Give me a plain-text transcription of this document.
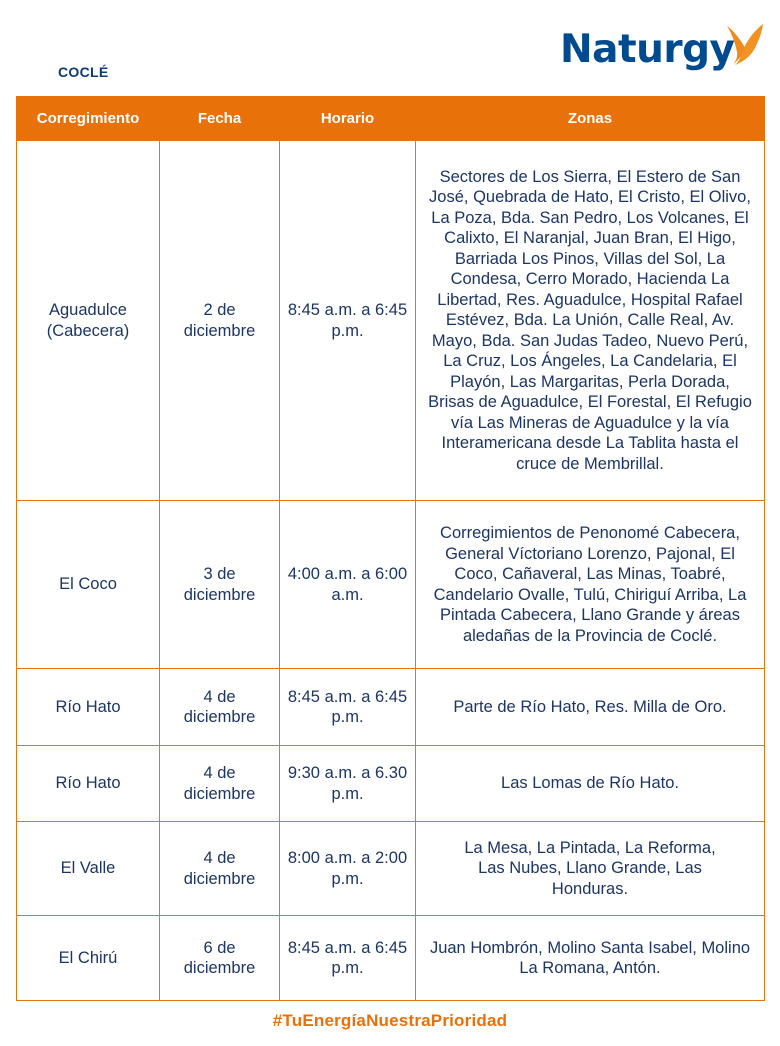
COCLÉ	Naturgy
Corregimiento	Fecha	Horario	Zonas
Aguadulce (Cabecera)	2 de diciembre	8:45 a.m. a 6:45 p.m.	Sectores de Los Sierra, El Estero de San José, Quebrada de Hato, El Cristo, El Olivo, La Poza, Bda. San Pedro, Los Volcanes, El Calixto, El Naranjal, Juan Bran, El Higo, Barriada Los Pinos, Villas del Sol, La Condesa, Cerro Morado, Hacienda La Libertad, Res. Aguadulce, Hospital Rafael Estévez, Bda. La Unión, Calle Real, Av. Mayo, Bda. San Judas Tadeo, Nuevo Perú, La Cruz, Los Ángeles, La Candelaria, El Playón, Las Margaritas, Perla Dorada, Brisas de Aguadulce, El Forestal, El Refugio vía Las Mineras de Aguadulce y la vía Interamericana desde La Tablita hasta el cruce de Membrillal.
El Coco	3 de diciembre	4:00 a.m. a 6:00 a.m.	Corregimientos de Penonomé Cabecera, General Víctoriano Lorenzo, Pajonal, El Coco, Cañaveral, Las Minas, Toabré, Candelario Ovalle, Tulú, Chiriguí Arriba, La Pintada Cabecera, Llano Grande y áreas aledañas de la Provincia de Coclé.
Río Hato	4 de diciembre	8:45 a.m. a 6:45 p.m.	Parte de Río Hato, Res. Milla de Oro.
Río Hato	4 de diciembre	9:30 a.m. a 6.30 p.m.	Las Lomas de Río Hato.
El Valle	4 de diciembre	8:00 a.m. a 2:00 p.m.	La Mesa, La Pintada, La Reforma, Las Nubes, Llano Grande, Las Honduras.
El Chirú	6 de diciembre	8:45 a.m. a 6:45 p.m.	Juan Hombrón, Molino Santa Isabel, Molino La Romana, Antón.
#TuEnergíaNuestraPrioridad
